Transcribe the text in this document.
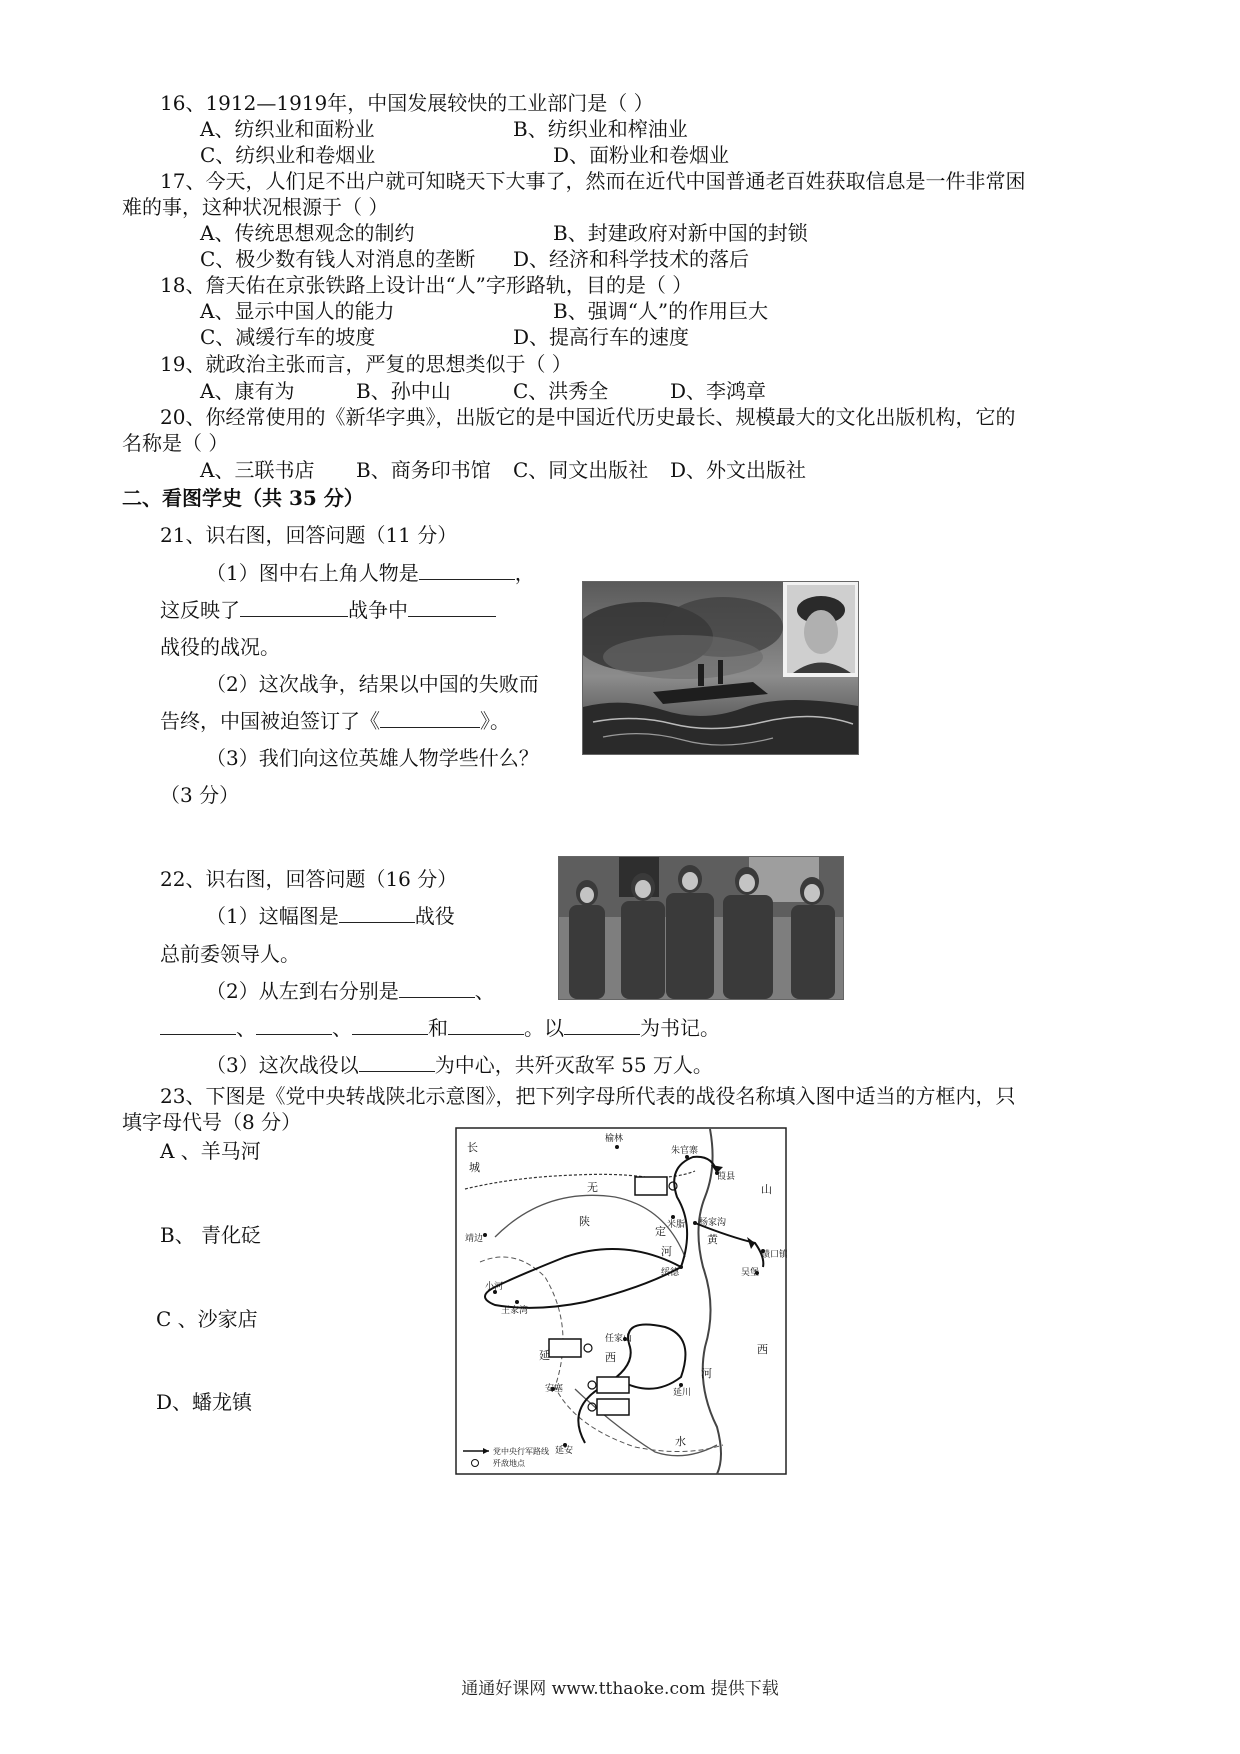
16、1912—1919年，中国发展较快的工业部门是（ ）
A、纺织业和面粉业	B、纺织业和榨油业
C、纺织业和卷烟业	D、面粉业和卷烟业
17、今天，人们足不出户就可知晓天下大事了，然而在近代中国普通老百姓获取信息是一件非常困
难的事，这种状况根源于（ ）
A、传统思想观念的制约	B、封建政府对新中国的封锁
C、极少数有钱人对消息的垄断 D、经济和科学技术的落后
18、詹天佑在京张铁路上设计出“人”字形路轨，目的是（ ）
A、显示中国人的能力	B、强调“人”的作用巨大
C、减缓行车的坡度	D、提高行车的速度
19、就政治主张而言，严复的思想类似于（ ）
A、康有为	B、孙中山	C、洪秀全	D、李鸿章
20、你经常使用的《新华字典》，出版它的是中国近代历史最长、规模最大的文化出版机构，它的
名称是（ ）
A、三联书店 B、商务印书馆 C、同文出版社 D、外文出版社
二、看图学史（共 35 分）
21、识右图，回答问题（11 分）
（1）图中右上角人物是	，
这反映了	战争中
战役的战况。
（2）这次战争，结果以中国的失败而
告终，中国被迫签订了《	》。
（3）我们向这位英雄人物学些什么？
（3 分）
22、识右图，回答问题（16 分）
（1）这幅图是	战役
总前委领导人。
（2）从左到右分别是	、
、	、	和	。以	为书记。
（3）这次战役以	为中心，共歼灭敌军 55 万人。
23、下图是《党中央转战陕北示意图》，把下列字母所代表的战役名称填入图中适当的方框内，只
填字母代号（8 分）
A 、羊马河
B、 青化砭
C 、沙家店
D、蟠龙镇
榆林
朱官寨
葭县
米脂 杨家沟
靖边
绥德
碛口镇
吴堡
小河
王家湾
任家山
安塞	延川
延安
山
西
陕
西
无
定
河
黄
河
长
城
延
水
党中央行军路线
歼敌地点
通通好课网 www.tthaoke.com 提供下载
